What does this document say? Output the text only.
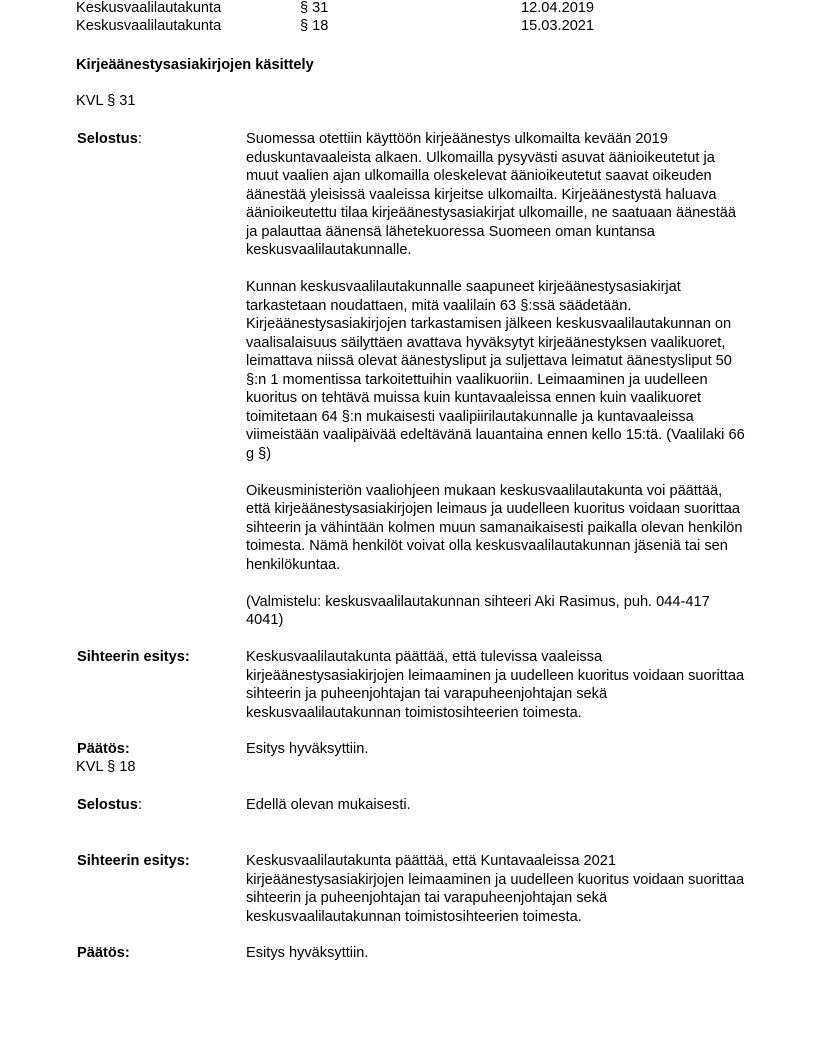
Keskusvaalilautakunta	§ 31	12.04.2019
Keskusvaalilautakunta	§ 18	15.03.2021
Kirjeäänestysasiakirjojen käsittely
KVL § 31
Selostus:	Suomessa otettiin käyttöön kirjeäänestys ulkomailta kevään 2019 eduskuntavaaleista alkaen. Ulkomailla pysyvästi asuvat äänioikeutetut ja muut vaalien ajan ulkomailla oleskelevat äänioikeutetut saavat oikeuden äänestää yleisissä vaaleissa kirjeitse ulkomailta. Kirjeäänestystä haluava äänioikeutettu tilaa kirjeäänestysasiakirjat ulkomaille, ne saatuaan äänestää ja palauttaa äänensä lähetekuoressa Suomeen oman kuntansa keskusvaalilautakunnalle.

Kunnan keskusvaalilautakunnalle saapuneet kirjeäänestysasiakirjat tarkastetaan noudattaen, mitä vaalilain 63 §:ssä säädetään. Kirjeäänestysasiakirjojen tarkastamisen jälkeen keskusvaalilautakunnan on vaalisalaisuus säilyttäen avattava hyväksytyt kirjeäänestyksen vaalikuoret, leimattava niissä olevat äänestysliput ja suljettava leimatut äänestysliput 50 §:n 1 momentissa tarkoitettuihin vaalikuoriin. Leimaaminen ja uudelleen kuoritus on tehtävä muissa kuin kuntavaaleissa ennen kuin vaalikuoret toimitetaan 64 §:n mukaisesti vaalipiirilautakunnalle ja kuntavaaleissa viimeistään vaalipäivää edeltävänä lauantaina ennen kello 15:tä. (Vaalilaki 66 g §)

Oikeusministeriön vaaliohjeen mukaan keskusvaalilautakunta voi päättää, että kirjeäänestysasiakirjojen leimaus ja uudelleen kuoritus voidaan suorittaa sihteerin ja vähintään kolmen muun samanaikaisesti paikalla olevan henkilön toimesta. Nämä henkilöt voivat olla keskusvaalilautakunnan jäseniä tai sen henkilökuntaa.

(Valmistelu: keskusvaalilautakunnan sihteeri Aki Rasimus, puh. 044-417 4041)

Sihteerin esitys:	Keskusvaalilautakunta päättää, että tulevissa vaaleissa kirjeäänestysasiakirjojen leimaaminen ja uudelleen kuoritus voidaan suorittaa sihteerin ja puheenjohtajan tai varapuheenjohtajan sekä keskusvaalilautakunnan toimistosihteerien toimesta.
Päätös:	Esitys hyväksyttiin.
KVL § 18
Selostus:	Edellä olevan mukaisesti.
Sihteerin esitys:	Keskusvaalilautakunta päättää, että Kuntavaaleissa 2021 kirjeäänestysasiakirjojen leimaaminen ja uudelleen kuoritus voidaan suorittaa sihteerin ja puheenjohtajan tai varapuheenjohtajan sekä keskusvaalilautakunnan toimistosihteerien toimesta.
Päätös:	Esitys hyväksyttiin.
